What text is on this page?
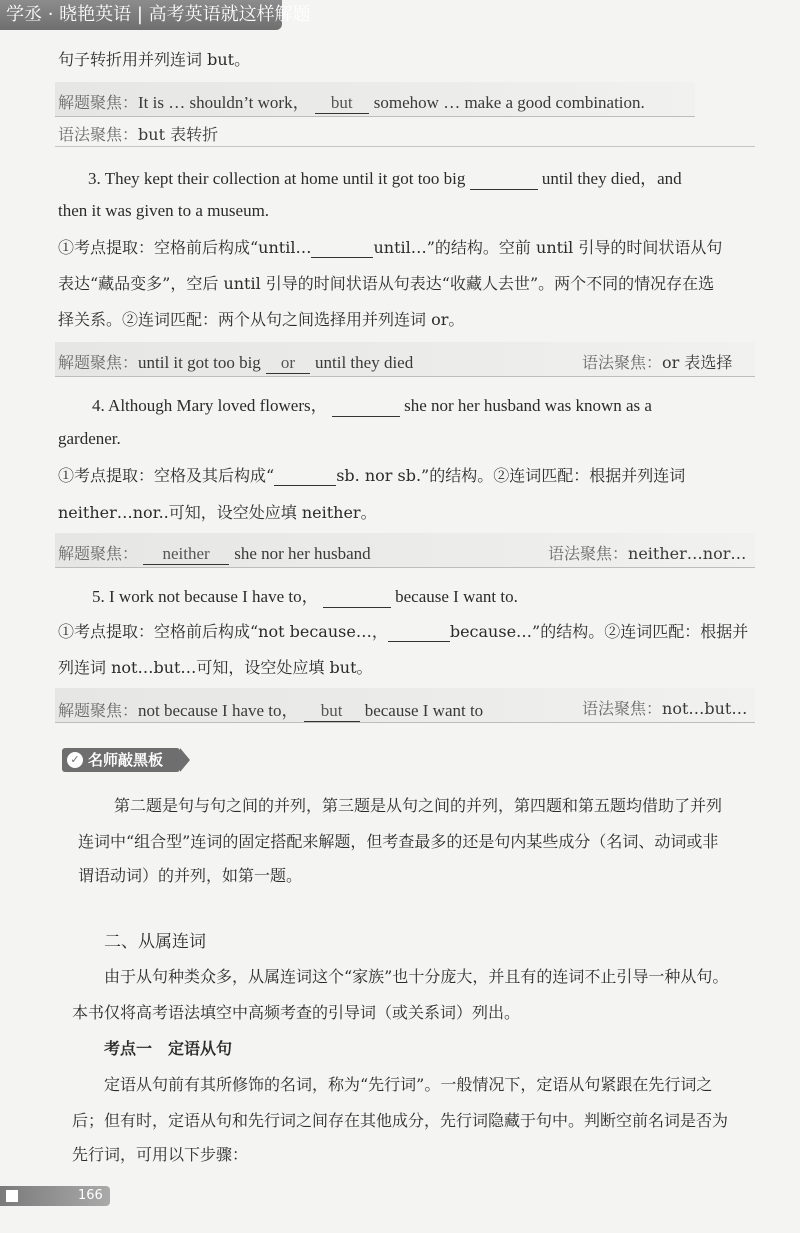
学丞 · 晓艳英语 | 高考英语就这样解题
句子转折用并列连词 but。
解题聚焦：It is … shouldn’t work， but somehow … make a good combination.
语法聚焦：but 表转折
3. They kept their collection at home until it got too big	until they died，and
then it was given to a museum.
①考点提取：空格前后构成“until…	until…”的结构。空前 until 引导的时间状语从句
表达“藏品变多”，空后 until 引导的时间状语从句表达“收藏人去世”。两个不同的情况存在选
择关系。②连词匹配：两个从句之间选择用并列连词 or。
解题聚焦：until it got too big or until they died	语法聚焦：or 表选择
4. Although Mary loved flowers，	she nor her husband was known as a
gardener.
①考点提取：空格及其后构成“	sb. nor sb.”的结构。②连词匹配：根据并列连词
neither…nor..可知，设空处应填 neither。
解题聚焦： neither she nor her husband	语法聚焦：neither…nor…
5. I work not because I have to，	because I want to.
①考点提取：空格前后构成“not because…，	because…”的结构。②连词匹配：根据并
列连词 not…but…可知，设空处应填 but。
解题聚焦：not because I have to， but because I want to	语法聚焦：not…but…
✓ 名师敲黑板
第二题是句与句之间的并列，第三题是从句之间的并列，第四题和第五题均借助了并列
连词中“组合型”连词的固定搭配来解题，但考查最多的还是句内某些成分（名词、动词或非
谓语动词）的并列，如第一题。
二、从属连词
由于从句种类众多，从属连词这个“家族”也十分庞大，并且有的连词不止引导一种从句。
本书仅将高考语法填空中高频考查的引导词（或关系词）列出。
考点一　定语从句
定语从句前有其所修饰的名词，称为“先行词”。一般情况下，定语从句紧跟在先行词之
后；但有时，定语从句和先行词之间存在其他成分，先行词隐藏于句中。判断空前名词是否为
先行词，可用以下步骤：
166
